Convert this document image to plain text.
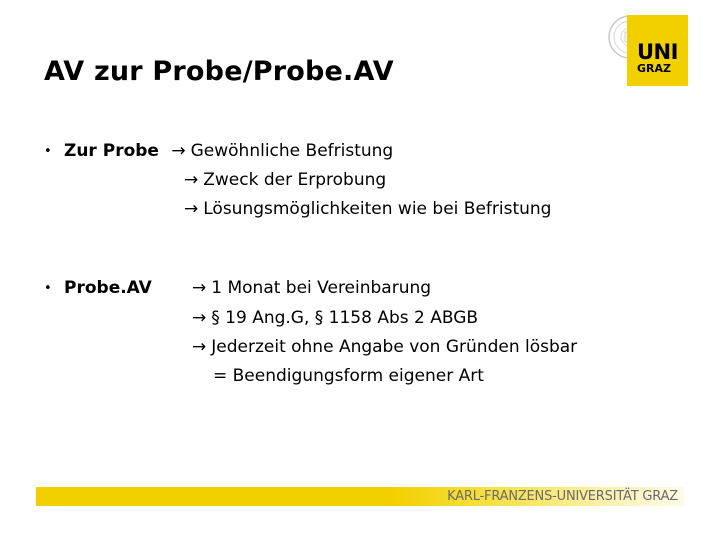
AV zur Probe/Probe.AV
UNI
GRAZ
• Zur Probe → Gewöhnliche Befristung
→ Zweck der Erprobung
→ Lösungsmöglichkeiten wie bei Befristung
• Probe.AV → 1 Monat bei Vereinbarung
→ § 19 Ang.G, § 1158 Abs 2 ABGB
→ Jederzeit ohne Angabe von Gründen lösbar
= Beendigungsform eigener Art
KARL-FRANZENS-UNIVERSITÄT GRAZ
